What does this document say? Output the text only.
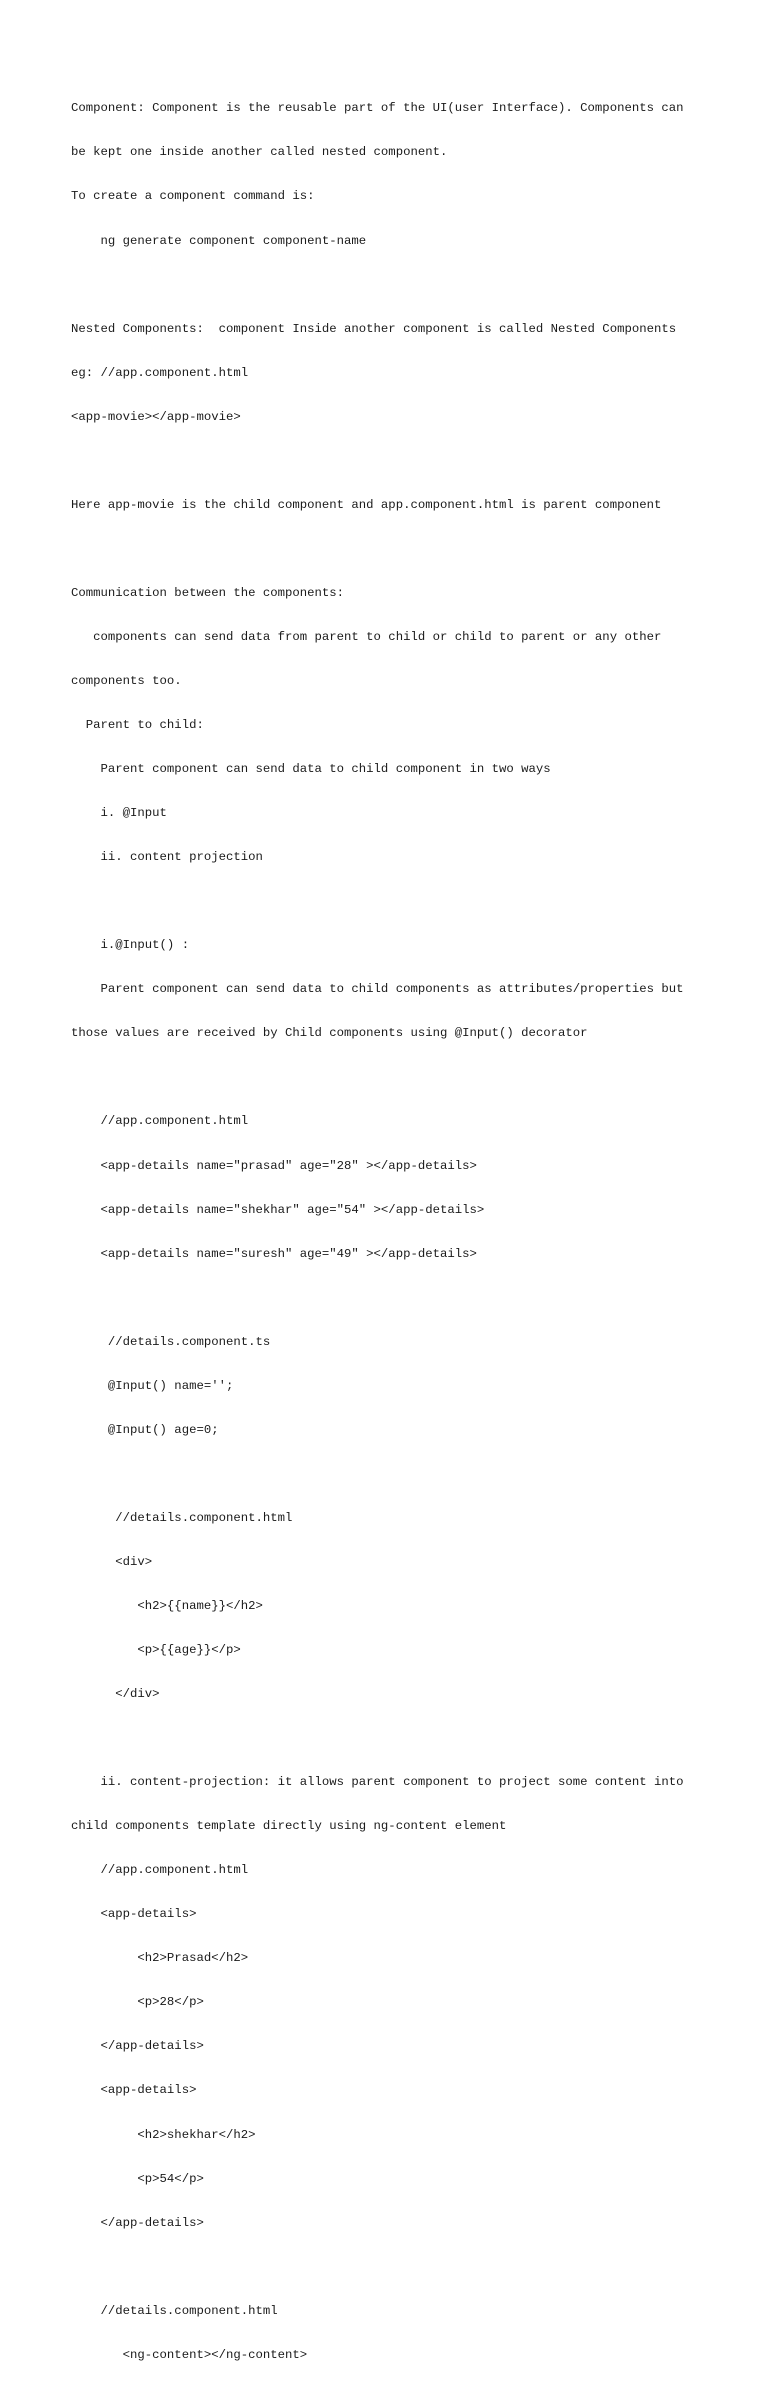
Component: Component is the reusable part of the UI(user Interface). Components can

be kept one inside another called nested component.

To create a component command is:

ng generate component component-name

Nested Components:  component Inside another component is called Nested Components

eg: //app.component.html

<app-movie></app-movie>

Here app-movie is the child component and app.component.html is parent component

Communication between the components:

components can send data from parent to child or child to parent or any other

components too.

Parent to child:

Parent component can send data to child component in two ways

i. @Input

ii. content projection

i.@Input() :

Parent component can send data to child components as attributes/properties but

those values are received by Child components using @Input() decorator

//app.component.html

<app-details name="prasad" age="28" ></app-details>

<app-details name="shekhar" age="54" ></app-details>

<app-details name="suresh" age="49" ></app-details>

//details.component.ts

@Input() name='';

@Input() age=0;

//details.component.html

<div>

<h2>{{name}}</h2>

<p>{{age}}</p>

</div>

ii. content-projection: it allows parent component to project some content into

child components template directly using ng-content element

//app.component.html

<app-details>

<h2>Prasad</h2>

<p>28</p>

</app-details>

<app-details>

<h2>shekhar</h2>

<p>54</p>

</app-details>

//details.component.html

<ng-content></ng-content>
